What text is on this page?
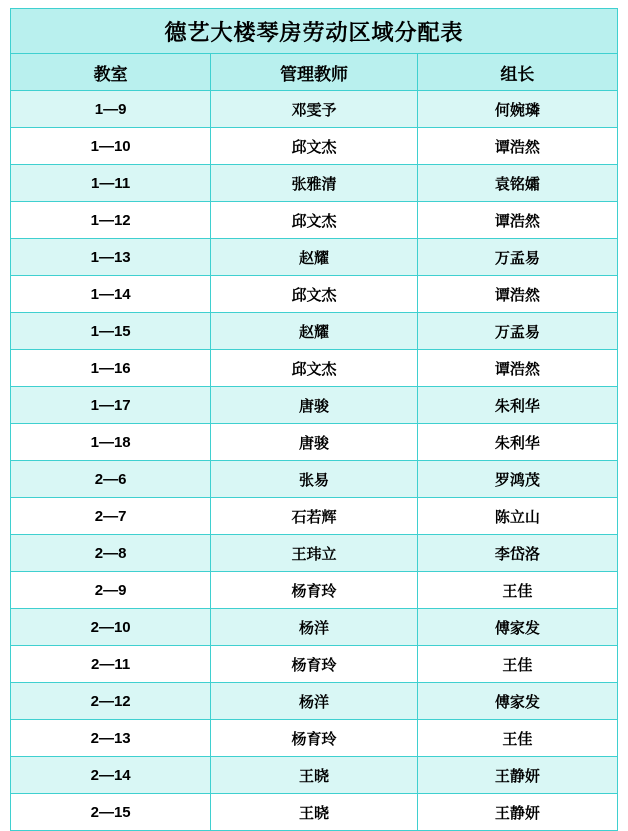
德艺大楼琴房劳动区域分配表		
教室	管理教师	组长
1—9	邓雯予	何婉璘
1—10	邱文杰	谭浩然
1—11	张雅清	袁铭孀
1—12	邱文杰	谭浩然
1—13	赵耀	万孟易
1—14	邱文杰	谭浩然
1—15	赵耀	万孟易
1—16	邱文杰	谭浩然
1—17	唐骏	朱利华
1—18	唐骏	朱利华
2—6	张易	罗鸿茂
2—7	石若辉	陈立山
2—8	王玮立	李岱洛
2—9	杨育玲	王佳
2—10	杨洋	傅家发
2—11	杨育玲	王佳
2—12	杨洋	傅家发
2—13	杨育玲	王佳
2—14	王晓	王静妍
2—15	王晓	王静妍
